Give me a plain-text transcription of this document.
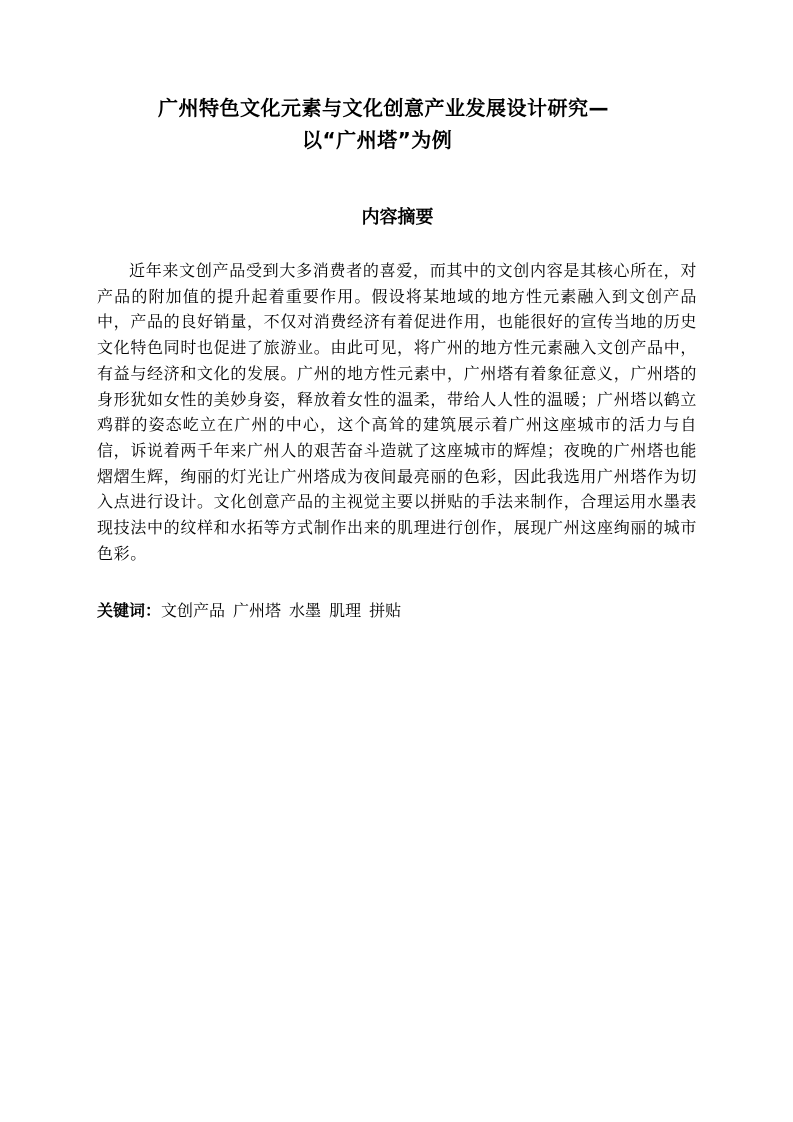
广州特色文化元素与文化创意产业发展设计研究—
以“广州塔”为例
内容摘要

近年来文创产品受到大多消费者的喜爱，而其中的文创内容是其核心所在，对产品的附加值的提升起着重要作用。假设将某地域的地方性元素融入到文创产品中，产品的良好销量，不仅对消费经济有着促进作用，也能很好的宣传当地的历史文化特色同时也促进了旅游业。由此可见，将广州的地方性元素融入文创产品中，有益与经济和文化的发展。广州的地方性元素中，广州塔有着象征意义，广州塔的身形犹如女性的美妙身姿，释放着女性的温柔，带给人人性的温暖；广州塔以鹤立鸡群的姿态屹立在广州的中心，这个高耸的建筑展示着广州这座城市的活力与自信，诉说着两千年来广州人的艰苦奋斗造就了这座城市的辉煌；夜晚的广州塔也能熠熠生辉，绚丽的灯光让广州塔成为夜间最亮丽的色彩，因此我选用广州塔作为切入点进行设计。文化创意产品的主视觉主要以拼贴的手法来制作，合理运用水墨表现技法中的纹样和水拓等方式制作出来的肌理进行创作，展现广州这座绚丽的城市色彩。

关键词：文创产品 广州塔 水墨 肌理 拼贴
